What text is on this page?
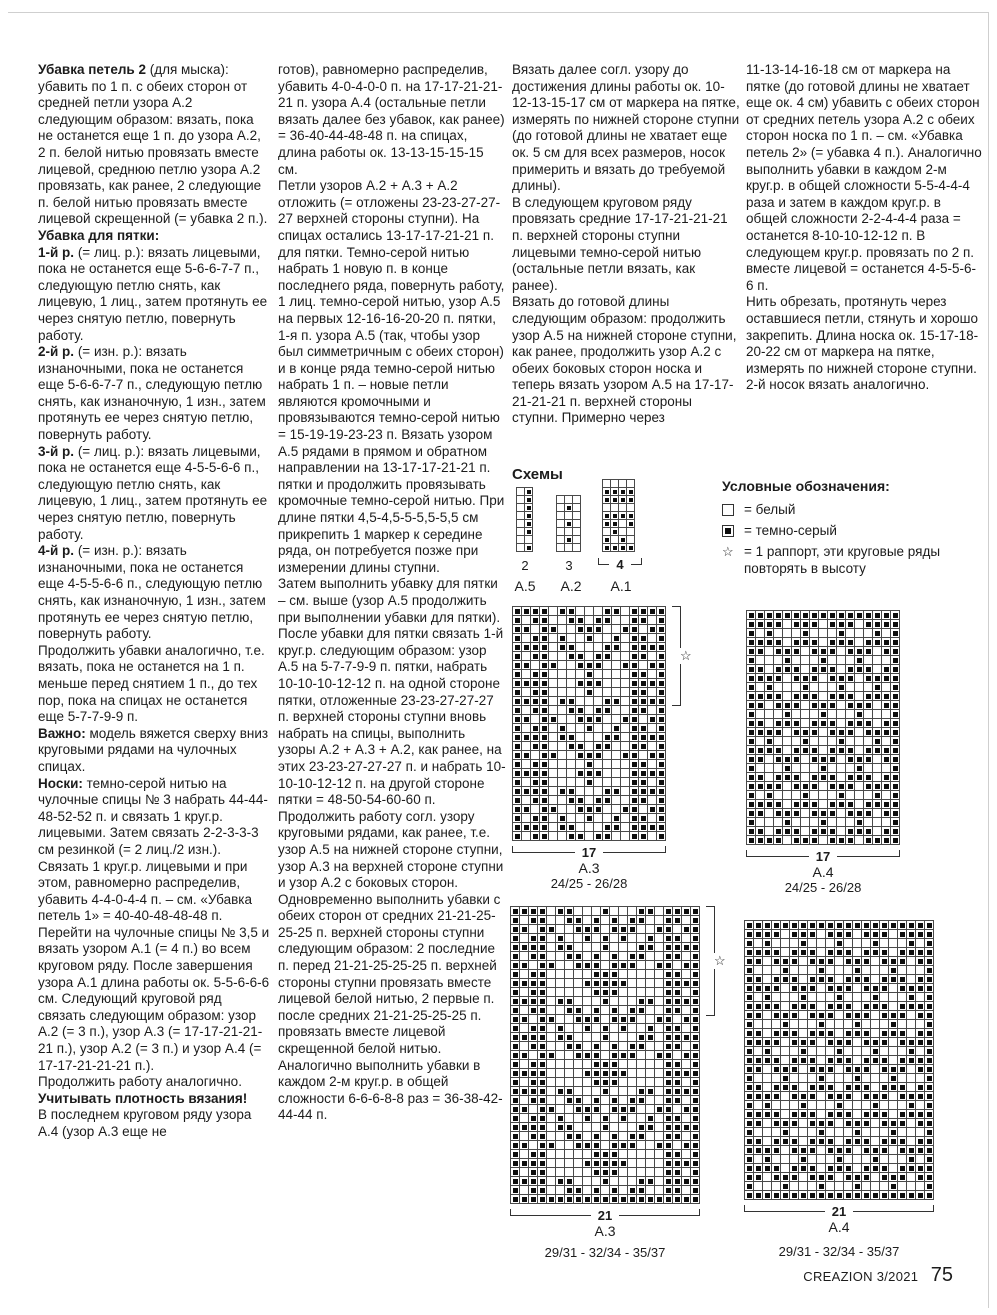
Убавка петель 2 (для мыска): убавить по 1 п. с обеих сторон от средней петли узора А.2 следующим образом: вязать, пока не останется еще 1 п. до узора А.2, 2 п. белой нитью провязать вместе лицевой, среднюю петлю узора А.2 провязать, как ранее, 2 следующие п. белой нитью провязать вместе лицевой скрещенной (= убавка 2 п.).

Убавка для пятки:

1-й р. (= лиц. р.): вязать лицевыми, пока не останется еще 5-6-6-7-7 п., следующую петлю снять, как лицевую, 1 лиц., затем протянуть ее через снятую петлю, повернуть работу.

2-й р. (= изн. р.): вязать изнаночными, пока не останется еще 5-6-6-7-7 п., следующую петлю снять, как изнаночную, 1 изн., затем протянуть ее через снятую петлю, повернуть работу.

3-й р. (= лиц. р.): вязать лицевыми, пока не останется еще 4-5-5-6-6 п., следующую петлю снять, как лицевую, 1 лиц., затем протянуть ее через снятую петлю, повернуть работу.

4-й р. (= изн. р.): вязать изнаночными, пока не останется еще 4-5-5-6-6 п., следующую петлю снять, как изнаночную, 1 изн., затем протянуть ее через снятую петлю, повернуть работу.

Продолжить убавки аналогично, т.е. вязать, пока не останется на 1 п. меньше перед снятием 1 п., до тех пор, пока на спицах не останется еще 5-7-7-9-9 п.

Важно: модель вяжется сверху вниз круговыми рядами на чулочных спицах.

Носки: темно-серой нитью на чулочные спицы № 3 набрать 44-44-48-52-52 п. и связать 1 круг.р. лицевыми. Затем связать 2-2-3-3-3 см резинкой (= 2 лиц./2 изн.). Связать 1 круг.р. лицевыми и при этом, равномерно распределив, убавить 4-4-0-4-4 п. – см. «Убавка петель 1» = 40-40-48-48-48 п.

Перейти на чулочные спицы № 3,5 и вязать узором А.1 (= 4 п.) во всем круговом ряду. После завершения узора А.1 длина работы ок. 5-5-6-6-6 см. Следующий круговой ряд связать следующим образом: узор А.2 (= 3 п.), узор А.3 (= 17-17-21-21-21 п.), узор А.2 (= 3 п.) и узор А.4 (= 17-17-21-21-21 п.).

Продолжить работу аналогично. Учитывать плотность вязания!

В последнем круговом ряду узора А.4 (узор А.3 еще не

готов), равномерно распределив, убавить 4-0-4-0-0 п. на 17-17-21-21-21 п. узора А.4 (остальные петли вязать далее без убавок, как ранее) = 36-40-44-48-48 п. на спицах, длина работы ок. 13-13-15-15-15 см.

Петли узоров А.2 + А.3 + А.2 отложить (= отложены 23-23-27-27-27 верхней стороны ступни). На спицах остались 13-17-17-21-21 п. для пятки. Темно-серой нитью набрать 1 новую п. в конце последнего ряда, повернуть работу, 1 лиц. темно-серой нитью, узор А.5 на первых 12-16-16-20-20 п. пятки, 1-я п. узора А.5 (так, чтобы узор был симметричным с обеих сторон) и в конце ряда темно-серой нитью набрать 1 п. – новые петли являются кромочными и провязываются темно-серой нитью = 15-19-19-23-23 п. Вязать узором А.5 рядами в прямом и обратном направлении на 13-17-17-21-21 п. пятки и продолжить провязывать кромочные темно-серой нитью. При длине пятки 4,5-4,5-5-5,5-5,5 см прикрепить 1 маркер к середине ряда, он потребуется позже при измерении длины ступни.

Затем выполнить убавку для пятки – см. выше (узор А.5 продолжить при выполнении убавки для пятки).

После убавки для пятки связать 1-й круг.р. следующим образом: узор А.5 на 5-7-7-9-9 п. пятки, набрать 10-10-10-12-12 п. на одной стороне пятки, отложенные 23-23-27-27-27 п. верхней стороны ступни вновь набрать на спицы, выполнить узоры А.2 + А.3 + А.2, как ранее, на этих 23-23-27-27-27 п. и набрать 10-10-10-12-12 п. на другой стороне пятки = 48-50-54-60-60 п.

Продолжить работу согл. узору круговыми рядами, как ранее, т.е. узор А.5 на нижней стороне ступни, узор А.3 на верхней стороне ступни и узор А.2 с боковых сторон. Одновременно выполнить убавки с обеих сторон от средних 21-21-25-25-25 п. верхней стороны ступни следующим образом: 2 последние п. перед 21-21-25-25-25 п. верхней стороны ступни провязать вместе лицевой белой нитью, 2 первые п. после средних 21-21-25-25-25 п. провязать вместе лицевой скрещенной белой нитью. Аналогично выполнить убавки в каждом 2-м круг.р. в общей сложности 6-6-6-8-8 раз = 36-38-42-44-44 п.

Вязать далее согл. узору до достижения длины работы ок. 10-12-13-15-17 см от маркера на пятке, измерять по нижней стороне ступни (до готовой длины не хватает еще ок. 5 см для всех размеров, носок примерить и вязать до требуемой длины).

В следующем круговом ряду провязать средние 17-17-21-21-21 п. верхней стороны ступни лицевыми темно-серой нитью (остальные петли вязать, как ранее).

Вязать до готовой длины следующим образом: продолжить узор А.5 на нижней стороне ступни, как ранее, продолжить узор А.2 с обеих боковых сторон носка и теперь вязать узором А.5 на 17-17-21-21-21 п. верхней стороны ступни. Примерно через

11-13-14-16-18 см от маркера на пятке (до готовой длины не хватает еще ок. 4 см) убавить с обеих сторон от средних петель узора А.2 с обеих сторон носка по 1 п. – см. «Убавка петель 2» (= убавка 4 п.). Аналогично выполнить убавки в каждом 2-м круг.р. в общей сложности 5-5-4-4-4 раза и затем в каждом круг.р. в общей сложности 2-2-4-4-4 раза = останется 8-10-10-12-12 п. В следующем круг.р. провязать по 2 п. вместе лицевой = останется 4-5-5-6-6 п.

Нить обрезать, протянуть через оставшиеся петли, стянуть и хорошо закрепить. Длина носка ок. 15-17-18-20-22 см от маркера на пятке, измерять по нижней стороне ступни.

2-й носок вязать аналогично.

Схемы
2	3	4
А.5	А.2	А.1
☆
17
А.3
24/25 - 26/28
17
А.4
24/25 - 26/28
☆
21
А.3
29/31 - 32/34 - 35/37
21
А.4
29/31 - 32/34 - 35/37

Условные обозначения:

= белый
= темно-серый
☆ = 1 раппорт, эти круговые ряды повторять в высоту
CREAZION 3/2021 75
